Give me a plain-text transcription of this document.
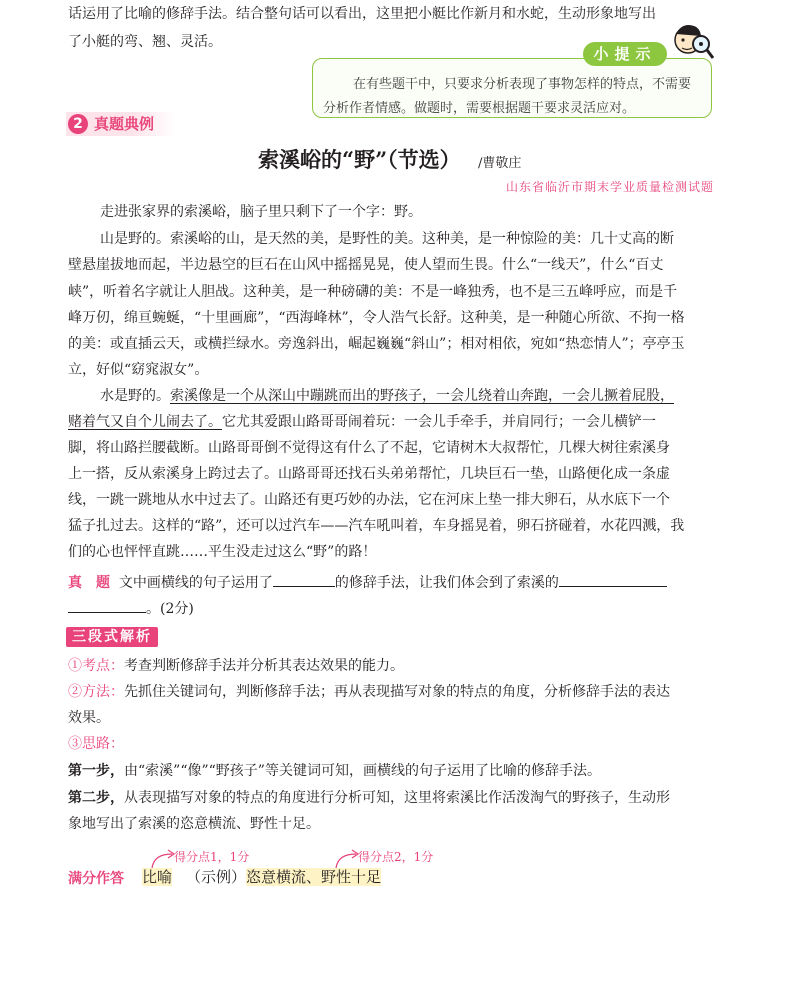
话运用了比喻的修辞手法。结合整句话可以看出，这里把小艇比作新月和水蛇，生动形象地写出
了小艇的弯、翘、灵活。
在有些题干中，只要求分析表现了事物怎样的特点，不需要
分析作者情感。做题时，需要根据题干要求灵活应对。
小提示
2 真题典例
索溪峪的“野”（节选） /曹敬庄
山东省临沂市期末学业质量检测试题
走进张家界的索溪峪，脑子里只剩下了一个字：野。
山是野的。索溪峪的山，是天然的美，是野性的美。这种美，是一种惊险的美：几十丈高的断
壁悬崖拔地而起，半边悬空的巨石在山风中摇摇晃晃，使人望而生畏。什么“一线天”，什么“百丈
峡”，听着名字就让人胆战。这种美，是一种磅礴的美：不是一峰独秀，也不是三五峰呼应，而是千
峰万仞，绵亘蜿蜒，“十里画廊”，“西海峰林”，令人浩气长舒。这种美，是一种随心所欲、不拘一格
的美：或直插云天，或横拦绿水。旁逸斜出，崛起巍巍“斜山”；相对相依，宛如“热恋情人”；亭亭玉
立，好似“窈窕淑女”。
水是野的。索溪像是一个从深山中蹦跳而出的野孩子，一会儿绕着山奔跑，一会儿撅着屁股，
赌着气又自个儿闹去了。它尤其爱跟山路哥哥闹着玩：一会儿手牵手，并肩同行；一会儿横铲一
脚，将山路拦腰截断。山路哥哥倒不觉得这有什么了不起，它请树木大叔帮忙，几棵大树往索溪身
上一搭，反从索溪身上跨过去了。山路哥哥还找石头弟弟帮忙，几块巨石一垫，山路便化成一条虚
线，一跳一跳地从水中过去了。山路还有更巧妙的办法，它在河床上垫一排大卵石，从水底下一个
猛子扎过去。这样的“路”，还可以过汽车——汽车吼叫着，车身摇晃着，卵石挤碰着，水花四溅，我
们的心也怦怦直跳……平生没走过这么“野”的路！
真　题 文中画横线的句子运用了	的修辞手法，让我们体会到了索溪的
。(2分)
三段式解析
①考点：考查判断修辞手法并分析其表达效果的能力。
②方法：先抓住关键词句，判断修辞手法；再从表现描写对象的特点的角度，分析修辞手法的表达
效果。
③思路：
第一步，由“索溪”“像”“野孩子”等关键词可知，画横线的句子运用了比喻的修辞手法。
第二步，从表现描写对象的特点的角度进行分析可知，这里将索溪比作活泼淘气的野孩子，生动形
象地写出了索溪的恣意横流、野性十足。
得分点1，1分	得分点2，1分
满分作答 比喻 （示例）恣意横流、野性十足
